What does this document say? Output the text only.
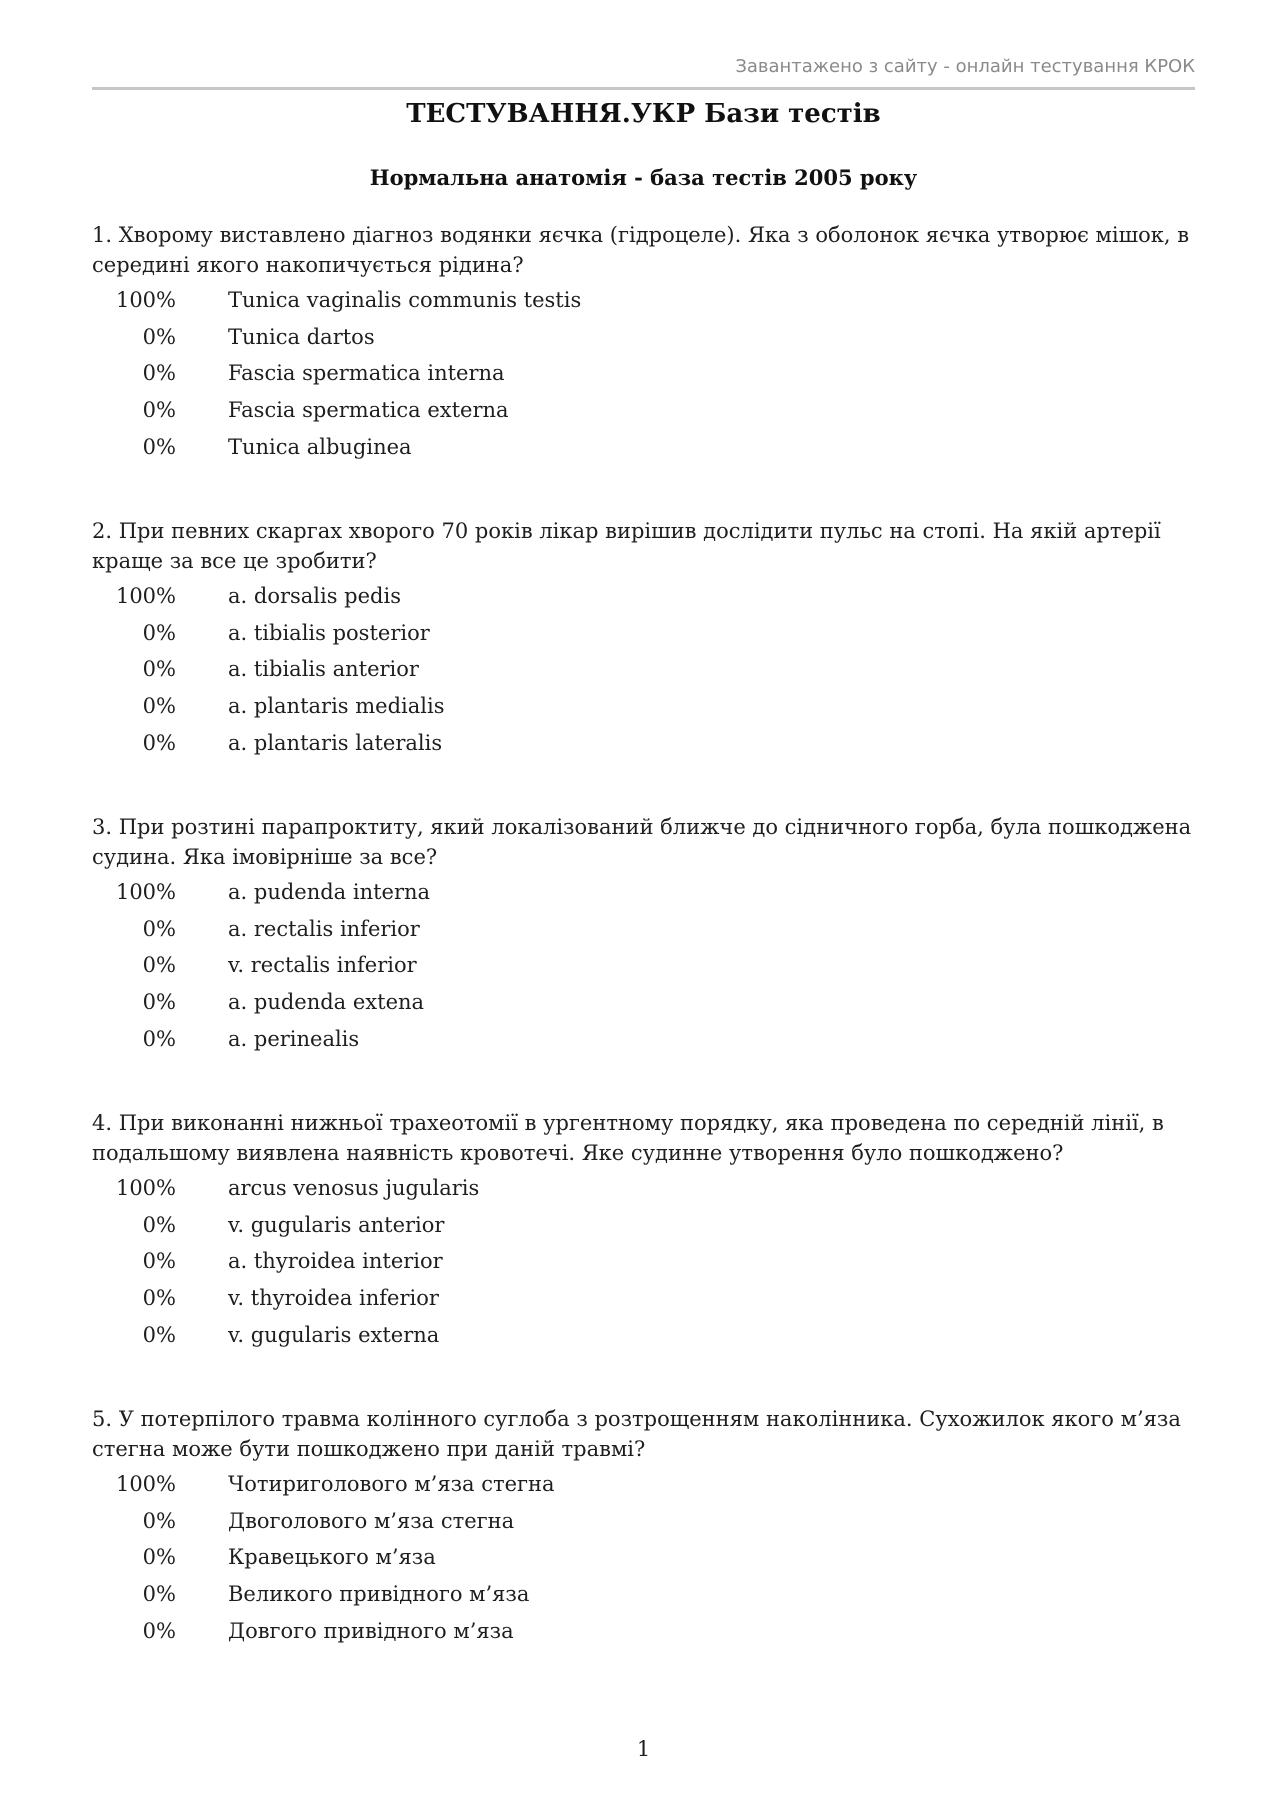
Завантажено з сайту - онлайн тестування КРОК
ТЕСТУВАННЯ.УКР Бази тестів
Нормальна анатомія - база тестів 2005 року

1. Хворому виставлено діагноз водянки яєчка (гідроцеле). Яка з оболонок яєчка утворює мішок, в середині якого накопичується рідина?

100% Tunica vaginalis communis testis
0% Tunica dartos
0% Fascia spermatica interna
0% Fascia spermatica externa
0% Tunica albuginea

2. При певних скаргах хворого 70 років лікар вирішив дослідити пульс на стопі. На якій артерії краще за все це зробити?

100% a. dorsalis pedis
0% a. tibialis posterior
0% a. tibialis anterior
0% a. plantaris medialis
0% a. plantaris lateralis

3. При розтині парапроктиту, який локалізований ближче до сідничного горба, була пошкоджена судина. Яка імовірніше за все?

100% a. pudenda interna
0% a. rectalis inferior
0% v. rectalis inferior
0% a. pudenda extena
0% a. perinealis

4. При виконанні нижньої трахеотомії в ургентному порядку, яка проведена по середній лінії, в подальшому виявлена наявність кровотечі. Яке судинне утворення було пошкоджено?

100% arcus venosus jugularis
0% v. gugularis anterior
0% a. thyroidea interior
0% v. thyroidea inferior
0% v. gugularis externa

5. У потерпілого травма колінного суглоба з розтрощенням наколінника. Сухожилок якого м’яза стегна може бути пошкоджено при даній травмі?

100% Чотириголового м’яза стегна
0% Двоголового м’яза стегна
0% Кравецького м’яза
0% Великого привідного м’яза
0% Довгого привідного м’яза
1
